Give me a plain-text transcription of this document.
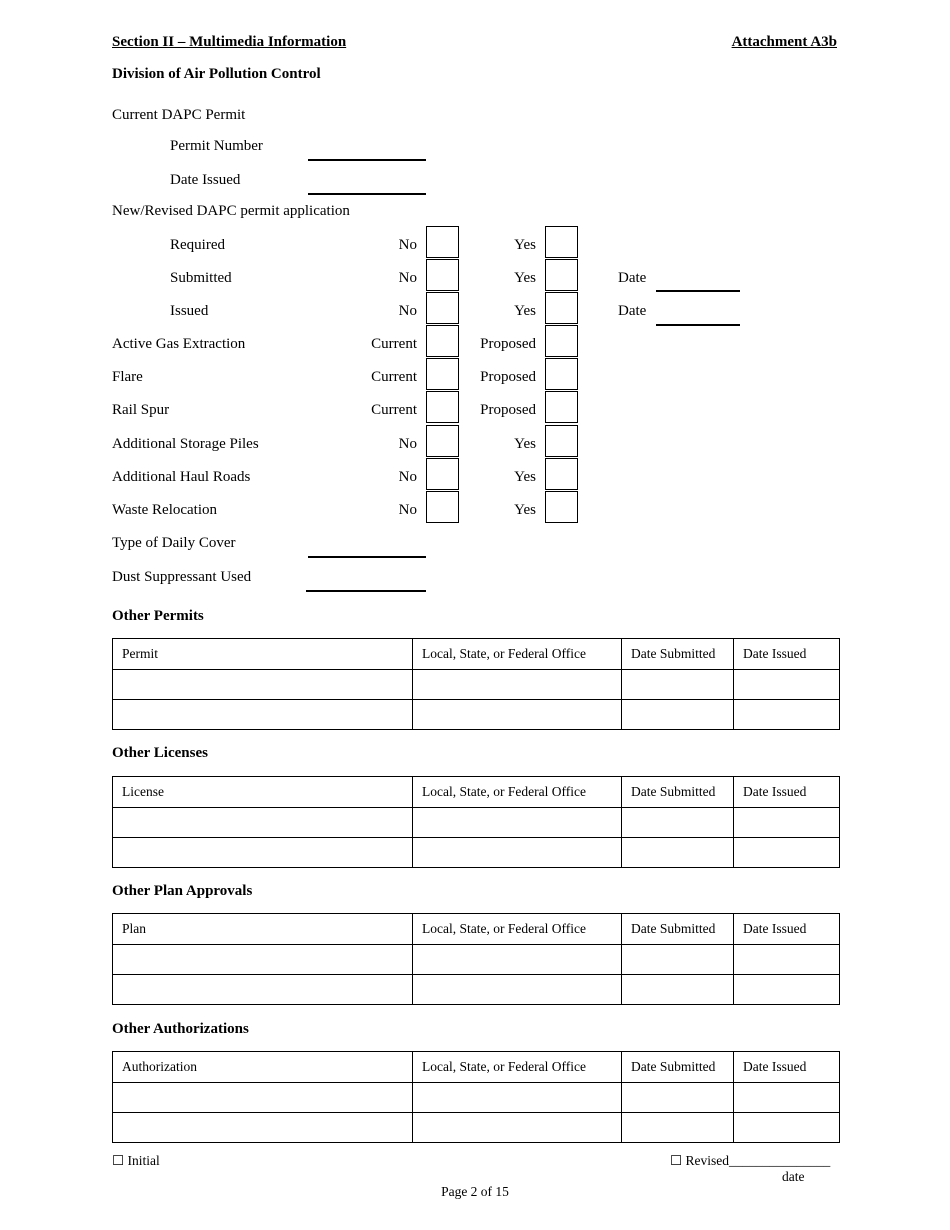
Section II – Multimedia Information	Attachment A3b
Division of Air Pollution Control
Current DAPC Permit
Permit Number
Date Issued
New/Revised DAPC permit application
Required	No	Yes
Submitted	No	Yes	Date
Issued	No	Yes	Date
Active Gas Extraction	Current	Proposed
Flare	Current	Proposed
Rail Spur	Current	Proposed
Additional Storage Piles	No	Yes
Additional Haul Roads	No	Yes
Waste Relocation	No	Yes
Type of Daily Cover
Dust Suppressant Used
Other Permits
Permit	Local, State, or Federal Office	Date Submitted	Date Issued

Other Licenses
License	Local, State, or Federal Office	Date Submitted	Date Issued

Other Plan Approvals
Plan	Local, State, or Federal Office	Date Submitted	Date Issued

Other Authorizations
Authorization	Local, State, or Federal Office	Date Submitted	Date Issued

☐ Initial	☐ Revised_______________
date
Page 2 of 15
